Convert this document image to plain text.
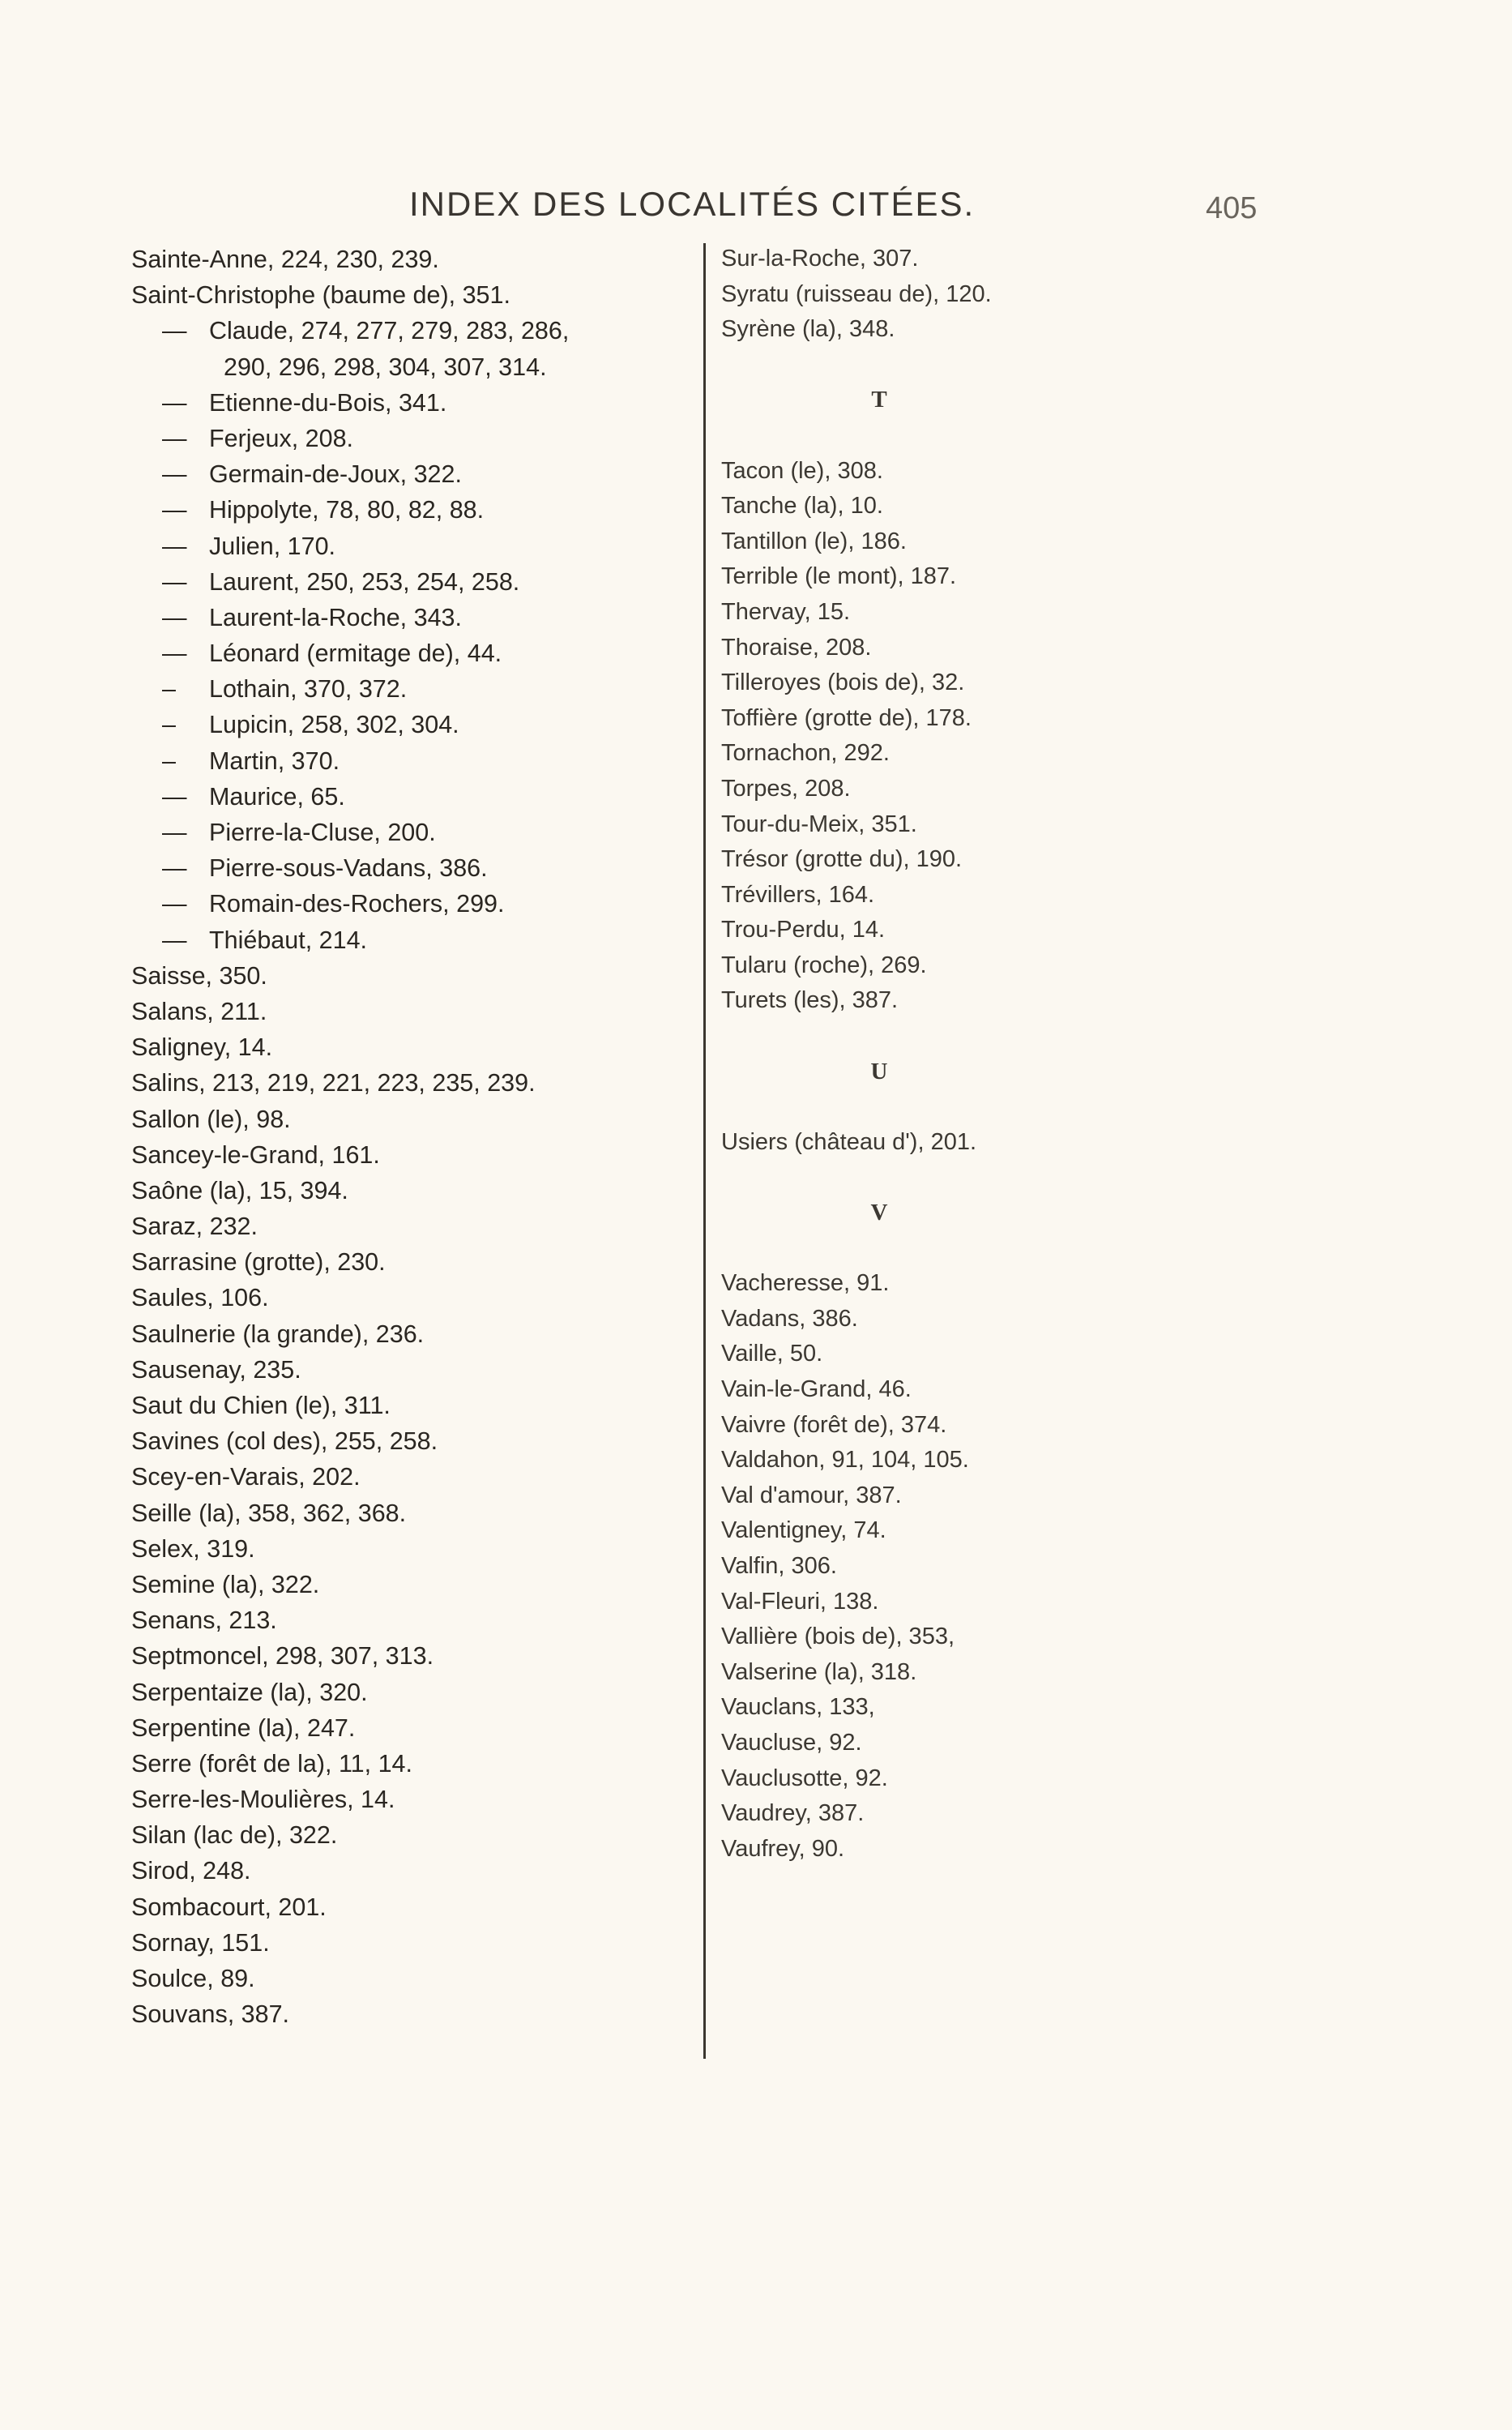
INDEX DES LOCALITÉS CITÉES.	405
Sainte-Anne, 224, 230, 239.
Saint-Christophe (baume de), 351.
— Claude, 274, 277, 279, 283, 286,
290, 296, 298, 304, 307, 314.
— Etienne-du-Bois, 341.
— Ferjeux, 208.
— Germain-de-Joux, 322.
— Hippolyte, 78, 80, 82, 88.
— Julien, 170.
— Laurent, 250, 253, 254, 258.
— Laurent-la-Roche, 343.
— Léonard (ermitage de), 44.
– Lothain, 370, 372.
– Lupicin, 258, 302, 304.
– Martin, 370.
— Maurice, 65.
— Pierre-la-Cluse, 200.
— Pierre-sous-Vadans, 386.
— Romain-des-Rochers, 299.
— Thiébaut, 214.
Saisse, 350.
Salans, 211.
Saligney, 14.
Salins, 213, 219, 221, 223, 235, 239.
Sallon (le), 98.
Sancey-le-Grand, 161.
Saône (la), 15, 394.
Saraz, 232.
Sarrasine (grotte), 230.
Saules, 106.
Saulnerie (la grande), 236.
Sausenay, 235.
Saut du Chien (le), 311.
Savines (col des), 255, 258.
Scey-en-Varais, 202.
Seille (la), 358, 362, 368.
Selex, 319.
Semine (la), 322.
Senans, 213.
Septmoncel, 298, 307, 313.
Serpentaize (la), 320.
Serpentine (la), 247.
Serre (forêt de la), 11, 14.
Serre-les-Moulières, 14.
Silan (lac de), 322.
Sirod, 248.
Sombacourt, 201.
Sornay, 151.
Soulce, 89.
Souvans, 387.
Sur-la-Roche, 307.
Syratu (ruisseau de), 120.
Syrène (la), 348.
T
Tacon (le), 308.
Tanche (la), 10.
Tantillon (le), 186.
Terrible (le mont), 187.
Thervay, 15.
Thoraise, 208.
Tilleroyes (bois de), 32.
Toffière (grotte de), 178.
Tornachon, 292.
Torpes, 208.
Tour-du-Meix, 351.
Trésor (grotte du), 190.
Trévillers, 164.
Trou-Perdu, 14.
Tularu (roche), 269.
Turets (les), 387.
U
Usiers (château d'), 201.
V
Vacheresse, 91.
Vadans, 386.
Vaille, 50.
Vain-le-Grand, 46.
Vaivre (forêt de), 374.
Valdahon, 91, 104, 105.
Val d'amour, 387.
Valentigney, 74.
Valfin, 306.
Val-Fleuri, 138.
Vallière (bois de), 353,
Valserine (la), 318.
Vauclans, 133,
Vaucluse, 92.
Vauclusotte, 92.
Vaudrey, 387.
Vaufrey, 90.
